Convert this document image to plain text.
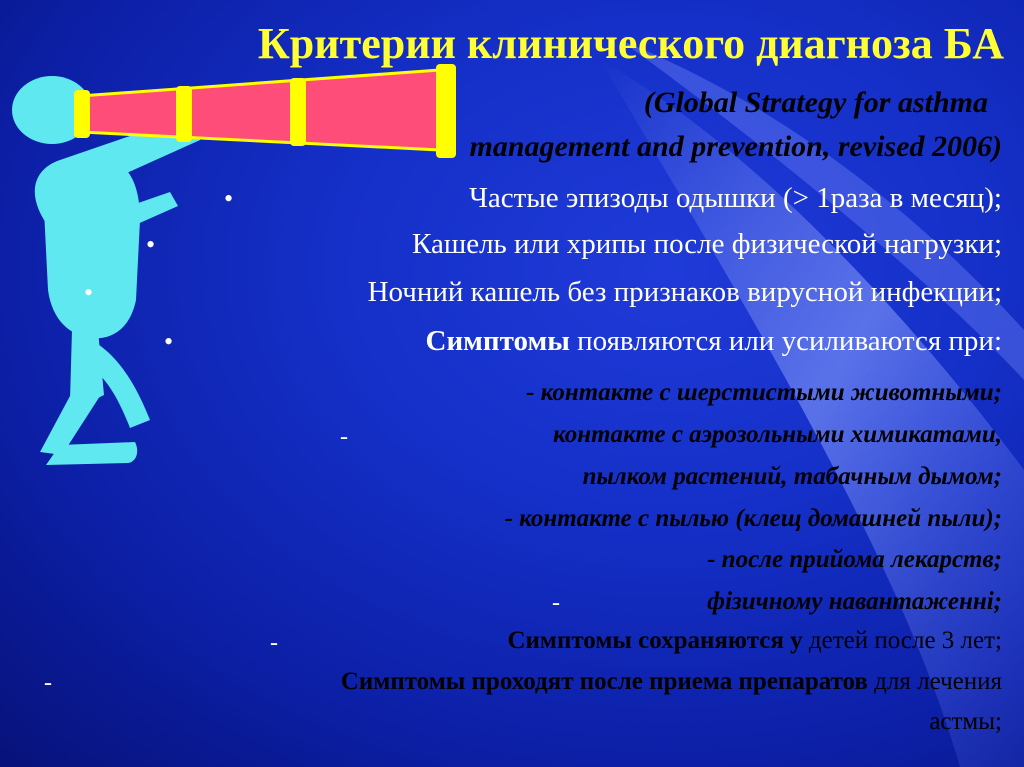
Критерии клинического диагноза БА
(Global Strategy for asthma
management and prevention, revised 2006)
•	Частые эпизоды одышки (> 1раза в месяц);
•	Кашель или хрипы после физической нагрузки;
•	Ночний кашель без признаков вирусной инфекции;
•	Симптомы появляются или усиливаются при:
- контакте с шерстистыми животными;
-	контакте с аэрозольными химикатами,
пылком растений, табачным дымом;
- контакте с пылью (клещ домашней пыли);
- после прийома лекарств;
-	фізичному навантаженні;
-	Симптомы сохраняются у детей после 3 лет;
-	Симптомы проходят после приема препаратов для лечения
астмы;
